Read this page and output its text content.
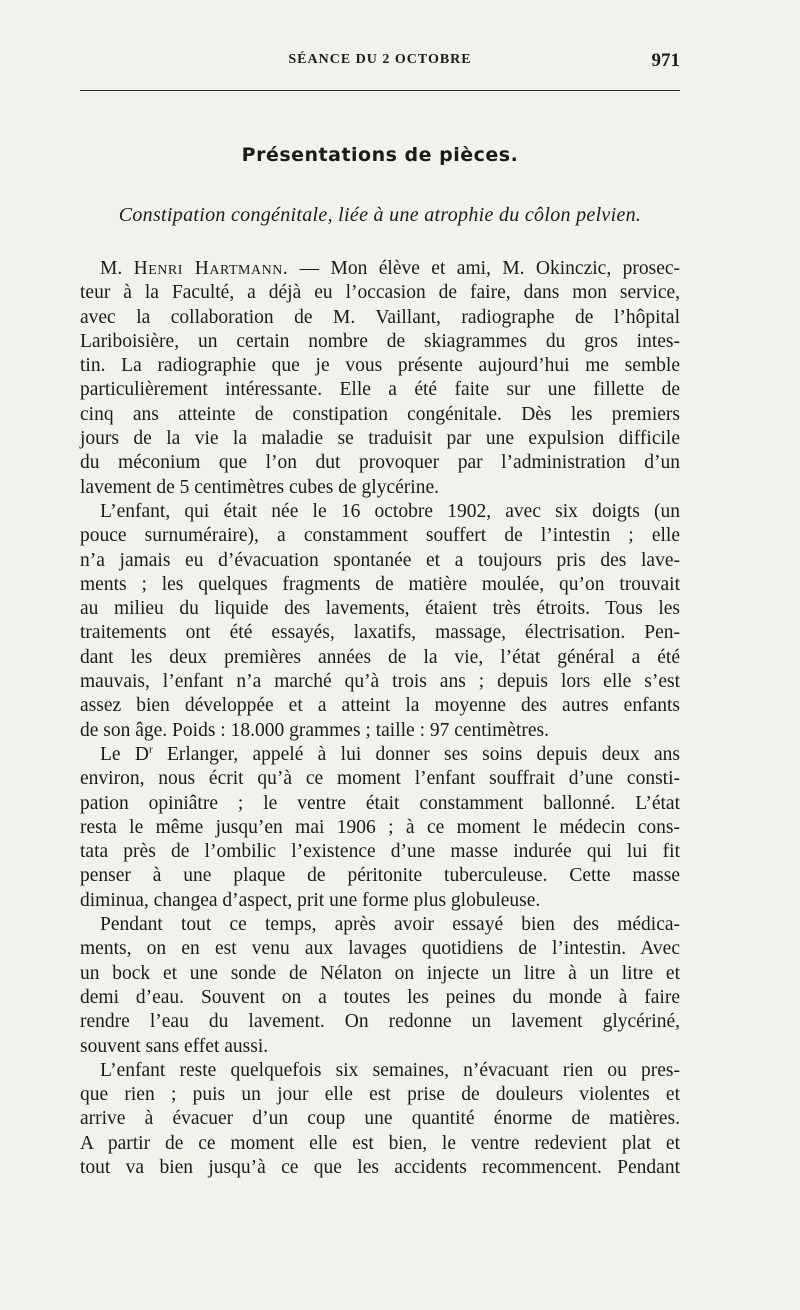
SÉANCE DU 2 OCTOBRE	971
Présentations de pièces.
Constipation congénitale, liée à une atrophie du côlon pelvien.
M. Henri Hartmann. — Mon élève et ami, M. Okinczic, prosec-
teur à la Faculté, a déjà eu l’occasion de faire, dans mon service,
avec la collaboration de M. Vaillant, radiographe de l’hôpital
Lariboisière, un certain nombre de skiagrammes du gros intes-
tin. La radiographie que je vous présente aujourd’hui me semble
particulièrement intéressante. Elle a été faite sur une fillette de
cinq ans atteinte de constipation congénitale. Dès les premiers
jours de la vie la maladie se traduisit par une expulsion difficile
du méconium que l’on dut provoquer par l’administration d’un
lavement de 5 centimètres cubes de glycérine.
L’enfant, qui était née le 16 octobre 1902, avec six doigts (un
pouce surnuméraire), a constamment souffert de l’intestin ; elle
n’a jamais eu d’évacuation spontanée et a toujours pris des lave-
ments ; les quelques fragments de matière moulée, qu’on trouvait
au milieu du liquide des lavements, étaient très étroits. Tous les
traitements ont été essayés, laxatifs, massage, électrisation. Pen-
dant les deux premières années de la vie, l’état général a été
mauvais, l’enfant n’a marché qu’à trois ans ; depuis lors elle s’est
assez bien développée et a atteint la moyenne des autres enfants
de son âge. Poids : 18.000 grammes ; taille : 97 centimètres.
Le $D^r$ Erlanger, appelé à lui donner ses soins depuis deux ans
environ, nous écrit qu’à ce moment l’enfant souffrait d’une consti-
pation opiniâtre ; le ventre était constamment ballonné. L’état
resta le même jusqu’en mai 1906 ; à ce moment le médecin cons-
tata près de l’ombilic l’existence d’une masse indurée qui lui fit
penser à une plaque de péritonite tuberculeuse. Cette masse
diminua, changea d’aspect, prit une forme plus globuleuse.
Pendant tout ce temps, après avoir essayé bien des médica-
ments, on en est venu aux lavages quotidiens de l’intestin. Avec
un bock et une sonde de Nélaton on injecte un litre à un litre et
demi d’eau. Souvent on a toutes les peines du monde à faire
rendre l’eau du lavement. On redonne un lavement glycériné,
souvent sans effet aussi.
L’enfant reste quelquefois six semaines, n’évacuant rien ou pres-
que rien ; puis un jour elle est prise de douleurs violentes et
arrive à évacuer d’un coup une quantité énorme de matières.
A partir de ce moment elle est bien, le ventre redevient plat et
tout va bien jusqu’à ce que les accidents recommencent. Pendant
